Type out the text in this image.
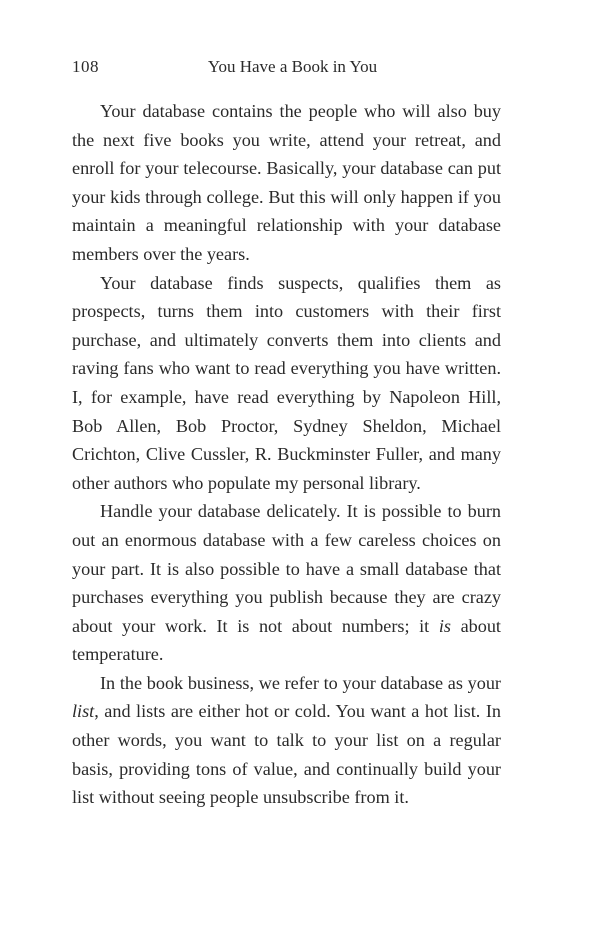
108	You Have a Book in You

Your database contains the people who will also buy the next five books you write, attend your retreat, and enroll for your telecourse. Basically, your database can put your kids through college. But this will only happen if you maintain a meaningful relationship with your database members over the years.

Your database finds suspects, qualifies them as prospects, turns them into customers with their first purchase, and ultimately converts them into clients and raving fans who want to read everything you have written. I, for example, have read everything by Napoleon Hill, Bob Allen, Bob Proctor, Sydney Sheldon, Michael Crichton, Clive Cussler, R. Buckminster Fuller, and many other authors who populate my personal library.

Handle your database delicately. It is possible to burn out an enormous database with a few careless choices on your part. It is also possible to have a small database that purchases everything you publish because they are crazy about your work. It is not about numbers; it is about temperature.

In the book business, we refer to your database as your list, and lists are either hot or cold. You want a hot list. In other words, you want to talk to your list on a regular basis, providing tons of value, and continually build your list without seeing people unsubscribe from it.
